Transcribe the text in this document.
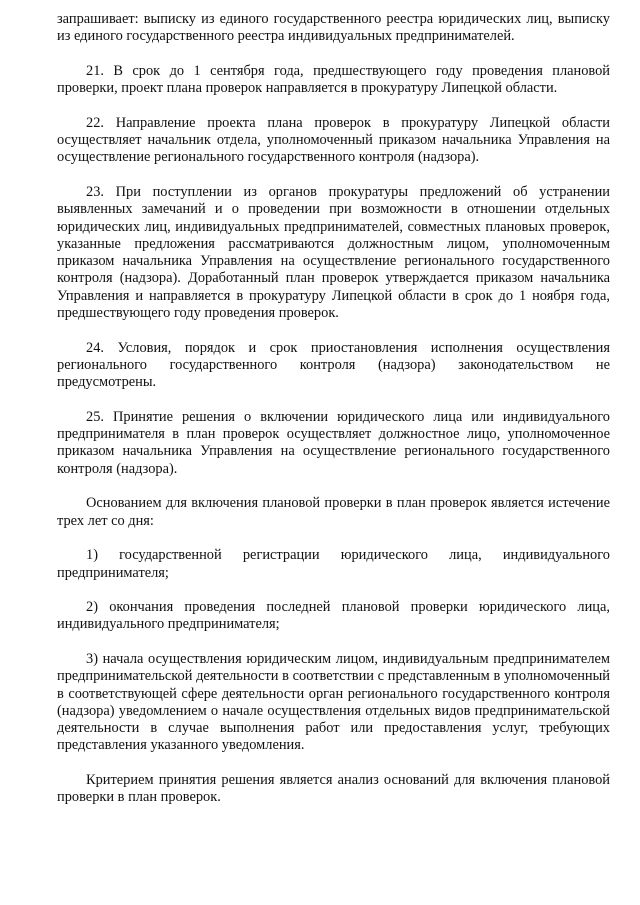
запрашивает: выписку из единого государственного реестра юридических лиц, выписку из единого государственного реестра индивидуальных предпринимателей.

21. В срок до 1 сентября года, предшествующего году проведения плановой проверки, проект плана проверок направляется в прокуратуру Липецкой области.

22. Направление проекта плана проверок в прокуратуру Липецкой области осуществляет начальник отдела, уполномоченный приказом начальника Управления на осуществление регионального государственного контроля (надзора).

23. При поступлении из органов прокуратуры предложений об устранении выявленных замечаний и о проведении при возможности в отношении отдельных юридических лиц, индивидуальных предпринимателей, совместных плановых проверок, указанные предложения рассматриваются должностным лицом, уполномоченным приказом начальника Управления на осуществление регионального государственного контроля (надзора). Доработанный план проверок утверждается приказом начальника Управления и направляется в прокуратуру Липецкой области в срок до 1 ноября года, предшествующего году проведения проверок.

24. Условия, порядок и срок приостановления исполнения осуществления регионального государственного контроля (надзора) законодательством не предусмотрены.

25. Принятие решения о включении юридического лица или индивидуального предпринимателя в план проверок осуществляет должностное лицо, уполномоченное приказом начальника Управления на осуществление регионального государственного контроля (надзора).

Основанием для включения плановой проверки в план проверок является истечение трех лет со дня:

1) государственной регистрации юридического лица, индивидуального предпринимателя;

2) окончания проведения последней плановой проверки юридического лица, индивидуального предпринимателя;

3) начала осуществления юридическим лицом, индивидуальным предпринимателем предпринимательской деятельности в соответствии с представленным в уполномоченный в соответствующей сфере деятельности орган регионального государственного контроля (надзора) уведомлением о начале осуществления отдельных видов предпринимательской деятельности в случае выполнения работ или предоставления услуг, требующих представления указанного уведомления.

Критерием принятия решения является анализ оснований для включения плановой проверки в план проверок.
